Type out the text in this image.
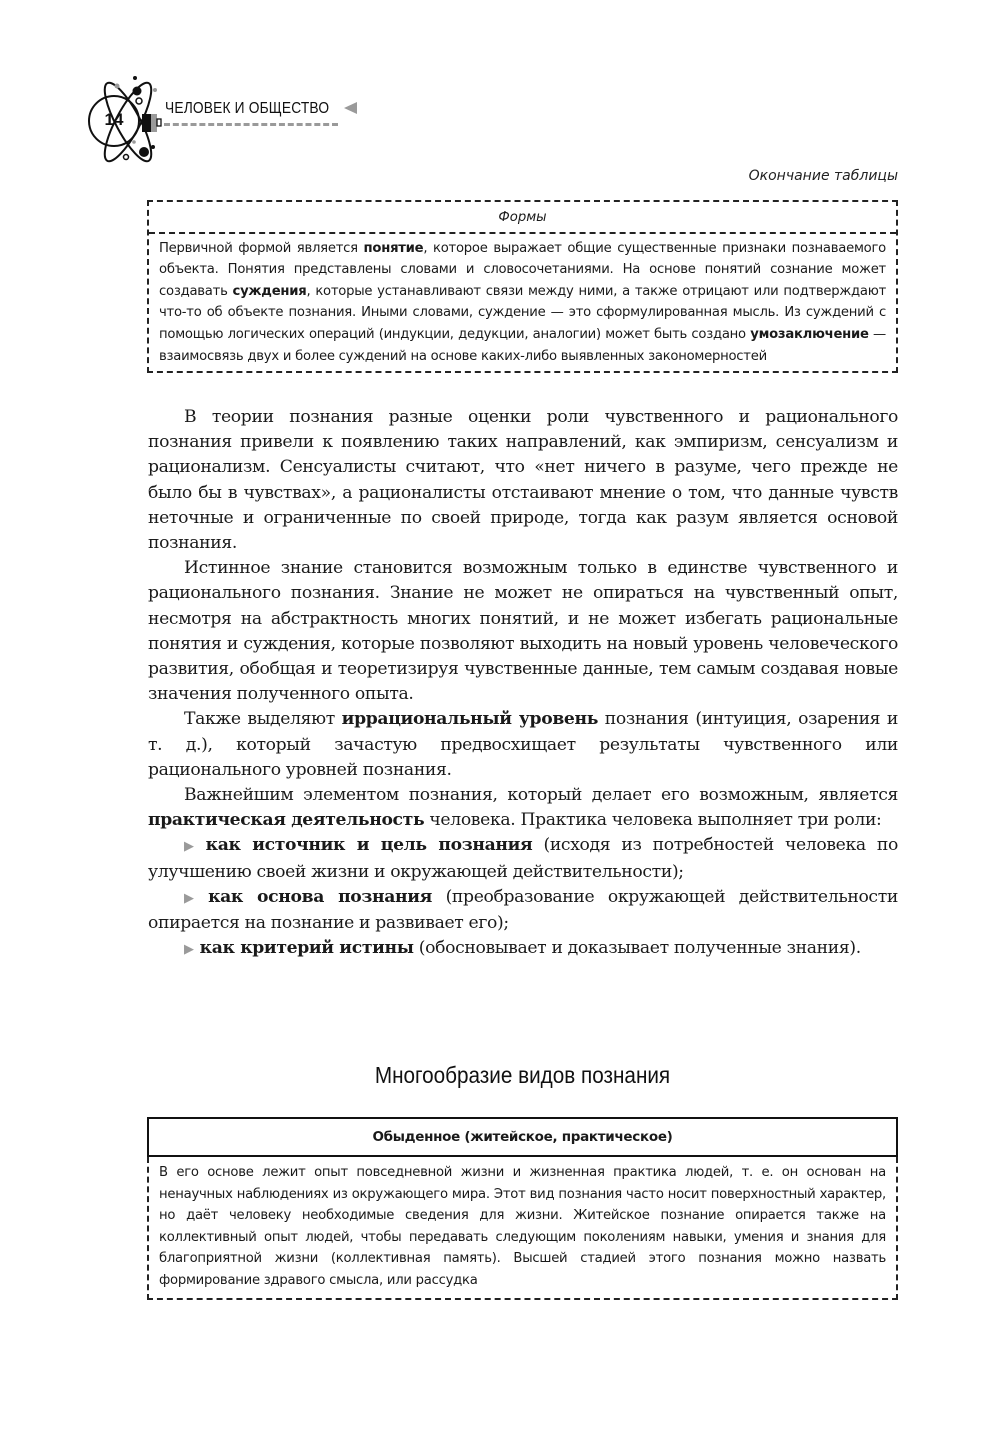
14
ЧЕЛОВЕК И ОБЩЕСТВО
Окончание таблицы
Формы
Первичной формой является понятие, которое выражает общие существенные признаки познаваемого объекта. Понятия представлены словами и словосочетаниями. На основе понятий сознание может создавать суждения, которые устанавливают связи между ними, а также отрицают или подтверждают что-то об объекте познания. Иными словами, суждение — это сформулированная мысль. Из суждений с помощью логических операций (индукции, дедукции, аналогии) может быть создано умозаключение — взаимосвязь двух и более суждений на основе каких-либо выявленных закономерностей

В теории познания разные оценки роли чувственного и рационального познания привели к появлению таких направлений, как эмпиризм, сенсуализм и рационализм. Сенсуалисты считают, что «нет ничего в разуме, чего прежде не было бы в чувствах», а рационалисты отстаивают мнение о том, что данные чувств неточные и ограниченные по своей природе, тогда как разум является основой познания.

Истинное знание становится возможным только в единстве чувственного и рационального познания. Знание не может не опираться на чувственный опыт, несмотря на абстрактность многих понятий, и не может избегать рациональные понятия и суждения, которые позволяют выходить на новый уровень человеческого развития, обобщая и теоретизируя чувственные данные, тем самым создавая новые значения полученного опыта.

Также выделяют иррациональный уровень познания (интуиция, озарения и т. д.), который зачастую предвосхищает результаты чувственного или рационального уровней познания.

Важнейшим элементом познания, который делает его возможным, является практическая деятельность человека. Практика человека выполняет три роли:

▶ как источник и цель познания (исходя из потребностей человека по улучшению своей жизни и окружающей действительности);

▶ как основа познания (преобразование окружающей действительности опирается на познание и развивает его);

▶ как критерий истины (обосновывает и доказывает полученные знания).

Многообразие видов познания
Обыденное (житейское, практическое)
В его основе лежит опыт повседневной жизни и жизненная практика людей, т. е. он основан на ненаучных наблюдениях из окружающего мира. Этот вид познания часто носит поверхностный характер, но даёт человеку необходимые сведения для жизни. Житейское познание опирается также на коллективный опыт людей, чтобы передавать следующим поколениям навыки, умения и знания для благоприятной жизни (коллективная память). Высшей стадией этого познания можно назвать формирование здравого смысла, или рассудка
